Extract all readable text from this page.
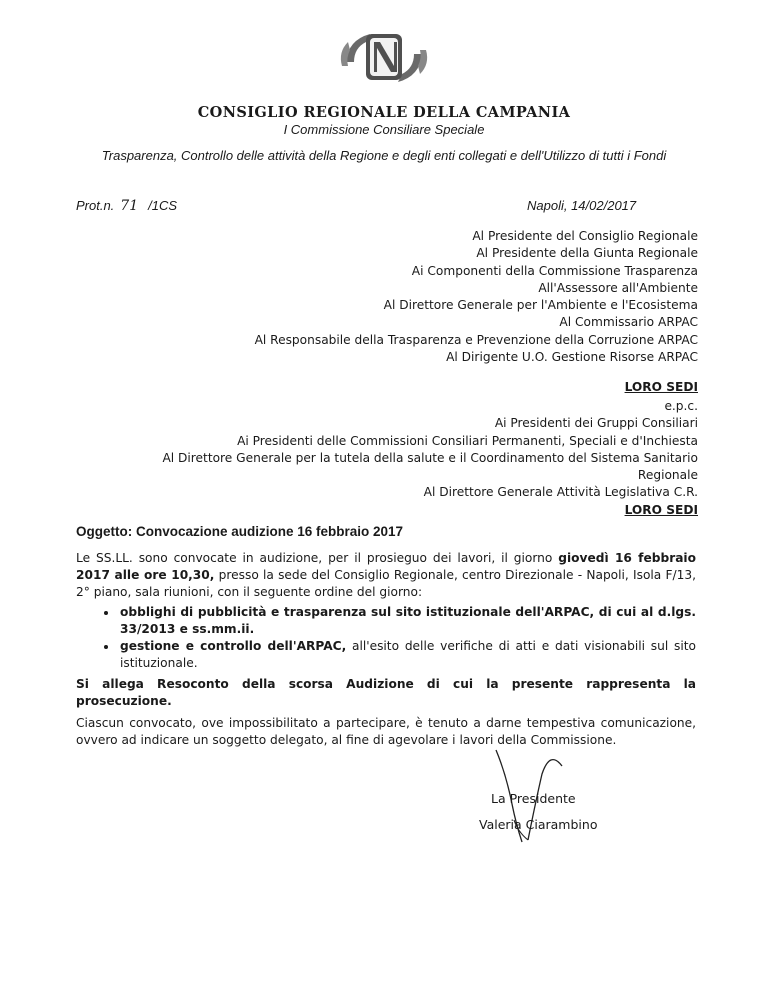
CONSIGLIO REGIONALE DELLA CAMPANIA
I Commissione Consiliare Speciale
Trasparenza, Controllo delle attività della Regione e degli enti collegati e dell'Utilizzo di tutti i Fondi
Prot.n. 71 /1CS	Napoli, 14/02/2017
Al Presidente del Consiglio Regionale
Al Presidente della Giunta Regionale
Ai Componenti della Commissione Trasparenza
All'Assessore all'Ambiente
Al Direttore Generale per l'Ambiente e l'Ecosistema
Al Commissario ARPAC
Al Responsabile della Trasparenza e Prevenzione della Corruzione ARPAC
Al Dirigente U.O. Gestione Risorse ARPAC
LORO SEDI
e.p.c.
Ai Presidenti dei Gruppi Consiliari
Ai Presidenti delle Commissioni Consiliari Permanenti, Speciali e d'Inchiesta
Al Direttore Generale per la tutela della salute e il Coordinamento del Sistema Sanitario
Regionale
Al Direttore Generale Attività Legislativa C.R.
LORO SEDI
Oggetto: Convocazione audizione 16 febbraio 2017
Le SS.LL. sono convocate in audizione, per il prosieguo dei lavori, il giorno giovedì 16 febbraio 2017 alle ore 10,30, presso la sede del Consiglio Regionale, centro Direzionale - Napoli, Isola F/13, 2° piano, sala riunioni, con il seguente ordine del giorno:
• obblighi di pubblicità e trasparenza sul sito istituzionale dell'ARPAC, di cui al d.lgs. 33/2013 e ss.mm.ii.
• gestione e controllo dell'ARPAC, all'esito delle verifiche di atti e dati visionabili sul sito istituzionale.
Si allega Resoconto della scorsa Audizione di cui la presente rappresenta la prosecuzione.
Ciascun convocato, ove impossibilitato a partecipare, è tenuto a darne tempestiva comunicazione, ovvero ad indicare un soggetto delegato, al fine di agevolare i lavori della Commissione.
La Presidente
Valeria Ciarambino
